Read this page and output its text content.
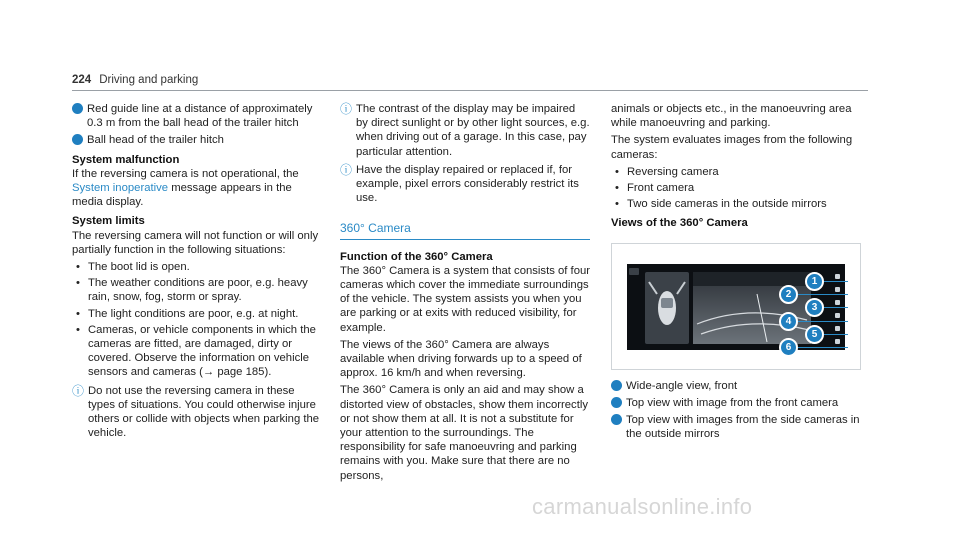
224 Driving and parking

2 Red guide line at a distance of approximately 0.3 m from the ball head of the trailer hitch

3 Ball head of the trailer hitch

System malfunction

If the reversing camera is not operational, the System inoperative message appears in the media display.

System limits

The reversing camera will not function or will only partially function in the following situations:

• The boot lid is open.
• The weather conditions are poor, e.g. heavy rain, snow, fog, storm or spray.
• The light conditions are poor, e.g. at night.
• Cameras, or vehicle components in which the cameras are fitted, are damaged, dirty or covered. Observe the information on vehicle sensors and cameras (→ page 185).
ⓘ Do not use the reversing camera in these types of situations. You could otherwise injure others or collide with objects when parking the vehicle.
ⓘ The contrast of the display may be impaired by direct sunlight or by other light sources, e.g. when driving out of a garage. In this case, pay particular attention.
ⓘ Have the display repaired or replaced if, for example, pixel errors considerably restrict its use.
360° Camera
Function of the 360° Camera

The 360° Camera is a system that consists of four cameras which cover the immediate surroundings of the vehicle. The system assists you when you are parking or at exits with reduced visibility, for example.

The views of the 360° Camera are always available when driving forwards up to a speed of approx. 16 km/h and when reversing.

The 360° Camera is only an aid and may show a distorted view of obstacles, show them incorrectly or not show them at all. It is not a substitute for your attention to the surroundings. The responsibility for safe manoeuvring and parking remains with you. Make sure that there are no persons,

animals or objects etc., in the manoeuvring area while manoeuvring and parking.

The system evaluates images from the following cameras:

• Reversing camera
• Front camera
• Two side cameras in the outside mirrors
Views of the 360° Camera
1
2
3
4
5
6

1 Wide-angle view, front

2 Top view with image from the front camera

3 Top view with images from the side cameras in the outside mirrors

carmanualsonline.info
